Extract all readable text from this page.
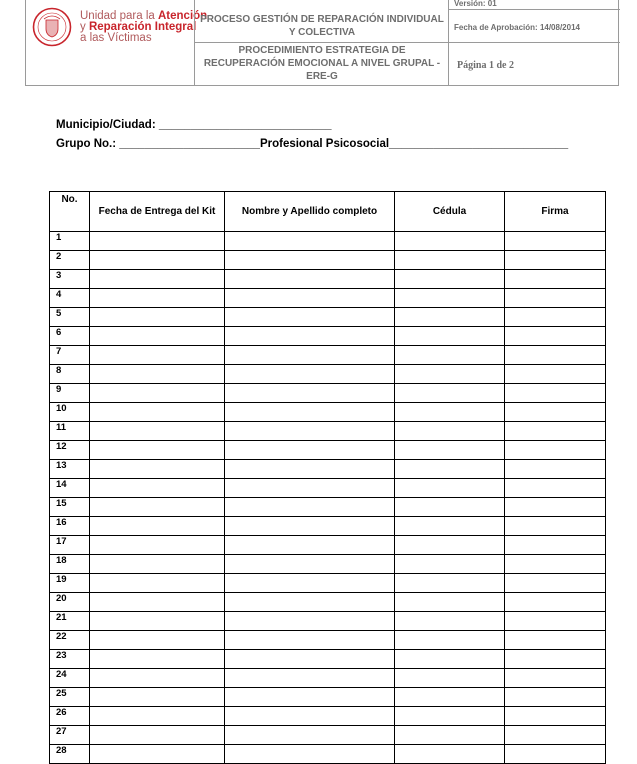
Unidad para la Atención
y Reparación Integral
a las Víctimas
PROCESO GESTIÓN DE REPARACIÓN INDIVIDUAL Y COLECTIVA
PROCEDIMIENTO ESTRATEGIA DE RECUPERACIÓN EMOCIONAL A NIVEL GRUPAL -ERE-G
Versión: 01
Fecha de Aprobación: 14/08/2014
Página 1 de 2
Municipio/Ciudad: ___________________________
Grupo No.: ______________________Profesional Psicosocial____________________________
No.	Fecha de Entrega del Kit	Nombre y Apellido completo	Cédula	Firma
1				
2				
3				
4				
5				
6				
7				
8				
9				
10				
11				
12				
13				
14				
15				
16				
17				
18				
19				
20				
21				
22				
23				
24				
25				
26				
27				
28				
